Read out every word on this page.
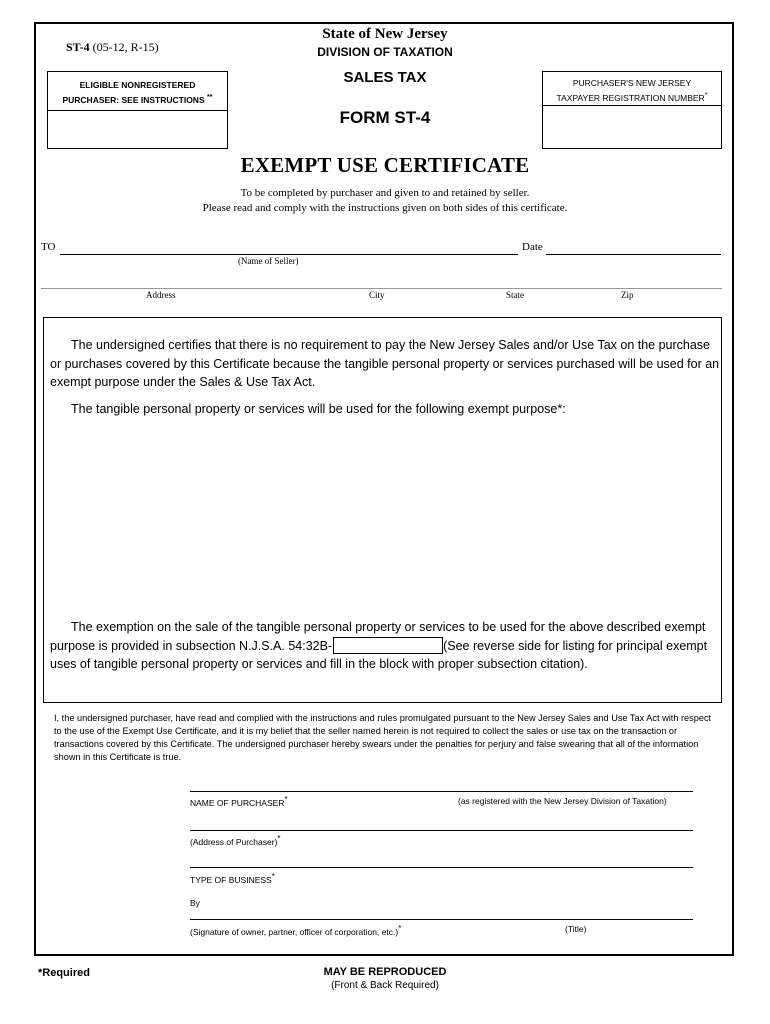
ST-4 (05-12, R-15)
State of New Jersey
DIVISION OF TAXATION
SALES TAX
FORM ST-4
ELIGIBLE NONREGISTERED
PURCHASER: SEE INSTRUCTIONS **
PURCHASER'S NEW JERSEY
TAXPAYER REGISTRATION NUMBER*
EXEMPT USE CERTIFICATE
To be completed by purchaser and given to and retained by seller.
Please read and comply with the instructions given on both sides of this certificate.
TO	Date
(Name of Seller)
Address	City	State	Zip
The undersigned certifies that there is no requirement to pay the New Jersey Sales and/or Use Tax on the purchase or purchases covered by this Certificate because the tangible personal property or services purchased will be used for an exempt purpose under the Sales & Use Tax Act.
The tangible personal property or services will be used for the following exempt purpose*:
The exemption on the sale of the tangible personal property or services to be used for the above described exempt purpose is provided in subsection N.J.S.A. 54:32B-	(See reverse side for listing for principal exempt uses of tangible personal property or services and fill in the block with proper subsection citation).
I, the undersigned purchaser, have read and complied with the instructions and rules promulgated pursuant to the New Jersey Sales and Use Tax Act with respect to the use of the Exempt Use Certificate, and it is my belief that the seller named herein is not required to collect the sales or use tax on the transaction or transactions covered by this Certificate. The undersigned purchaser hereby swears under the penalties for perjury and false swearing that all of the information shown in this Certificate is true.
NAME OF PURCHASER*	(as registered with the New Jersey Division of Taxation)
(Address of Purchaser)*
TYPE OF BUSINESS*
By
(Signature of owner, partner, officer of corporation, etc.)*	(Title)
*Required	MAY BE REPRODUCED
(Front & Back Required)
